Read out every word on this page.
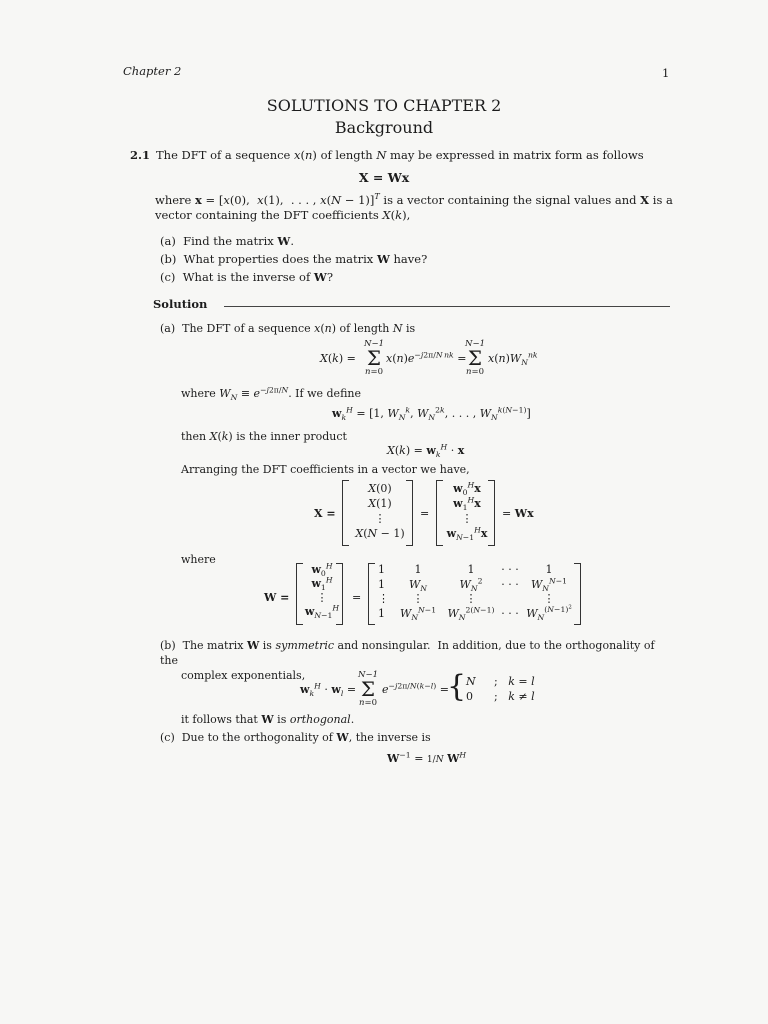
Chapter 2	1
SOLUTIONS TO CHAPTER 2
Background
2.1 The DFT of a sequence x(n) of length N may be expressed in matrix form as follows
X = Wx
where x = [x(0),  x(1),  . . . , x(N − 1)]$^T$ is a vector containing the signal values and X is a
vector containing the DFT coefficients X(k),
(a)  Find the matrix W.
(b)  What properties does the matrix W have?
(c)  What is the inverse of W?
Solution
(a)  The DFT of a sequence x(n) of length N is
X(k) =
N−1
Σ
n=0
$x(n)e^{-j2\pi/N nk}$ =
N−1
Σ
n=0
$x(n)W_N^{nk}$
where $W_N \equiv e^{-j2\pi/N}$. If we define
$w_k^H = [1$, $W_N^k$, $W_N^{2k}$, . . . , $W_N^{k(N-1)}$]
then X(k) is the inner product
$X(k) = w_k^H \cdot x$
Arranging the DFT coefficients in a vector we have,
X =
X(0)
X(1)
⋮
X(N − 1)
=
$w_0^Hx$
$w_1^Hx$
⋮
$w_{N-1}^Hx$
= Wx
where
W =
$w_0^H$
$w_1^H$
⋮
$w_{N-1}^H$
=
1
1
⋮
1
1
$W_N$
⋮
$W_N^{N-1}$
1
$W_N^2$
⋮
$W_N^{2(N-1)}$
· · ·
· · ·

· · ·
1
$W_N^{N-1}$
⋮
$W_N^{(N-1)^2}$
(b)  The matrix W is symmetric and nonsingular.  In addition, due to the orthogonality of the
complex exponentials,
$w_k^H \cdot w_l$ =
N−1
Σ
n=0
$e^{-j2\pi/N(k-l)}$ =
{ N
0
;   k = l
;   k ≠ l
it follows that W is orthogonal.
(c)  Due to the orthogonality of W, the inverse is
$W^{-1} = 1/N$ $W^H$
